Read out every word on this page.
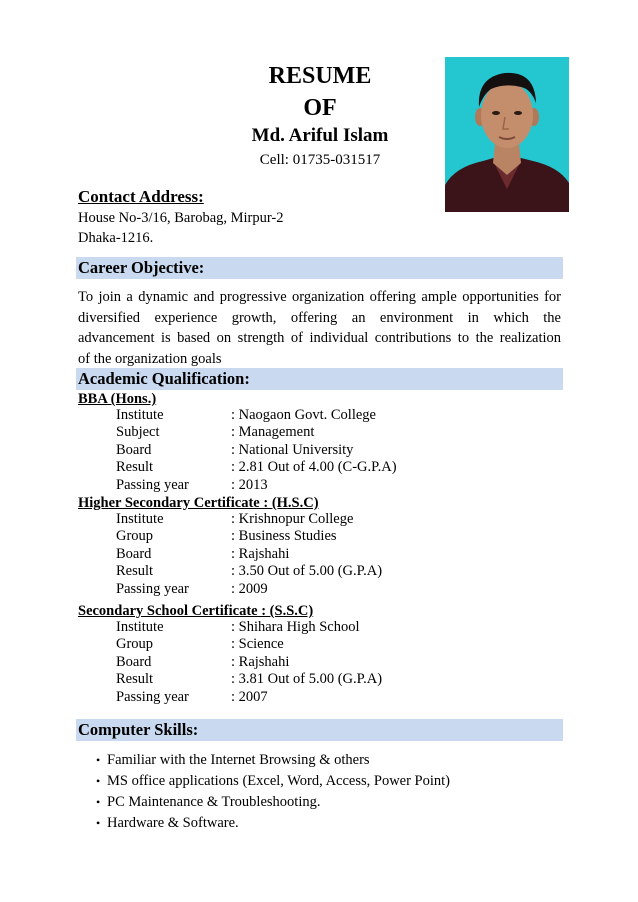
RESUME
OF
Md. Ariful Islam
Cell: 01735-031517
Contact Address:
House No-3/16, Barobag, Mirpur-2
Dhaka-1216.
Career Objective:
To join a dynamic and progressive organization offering ample opportunities for
diversified experience growth, offering an environment in which the
advancement is based on strength of individual contributions to the realization
of the organization goals
Academic Qualification:
BBA (Hons.)
Institute	: Naogaon Govt. College
Subject	: Management
Board	: National University
Result	: 2.81 Out of 4.00 (C-G.P.A)
Passing year	: 2013
Higher Secondary Certificate : (H.S.C)
Institute	: Krishnopur College
Group	: Business Studies
Board	: Rajshahi
Result	: 3.50 Out of 5.00 (G.P.A)
Passing year	: 2009
Secondary School Certificate : (S.S.C)
Institute	: Shihara High School
Group	: Science
Board	: Rajshahi
Result	: 3.81 Out of 5.00 (G.P.A)
Passing year	: 2007
Computer Skills:
• Familiar with the Internet Browsing & others
• MS office applications (Excel, Word, Access, Power Point)
• PC Maintenance & Troubleshooting.
• Hardware & Software.
